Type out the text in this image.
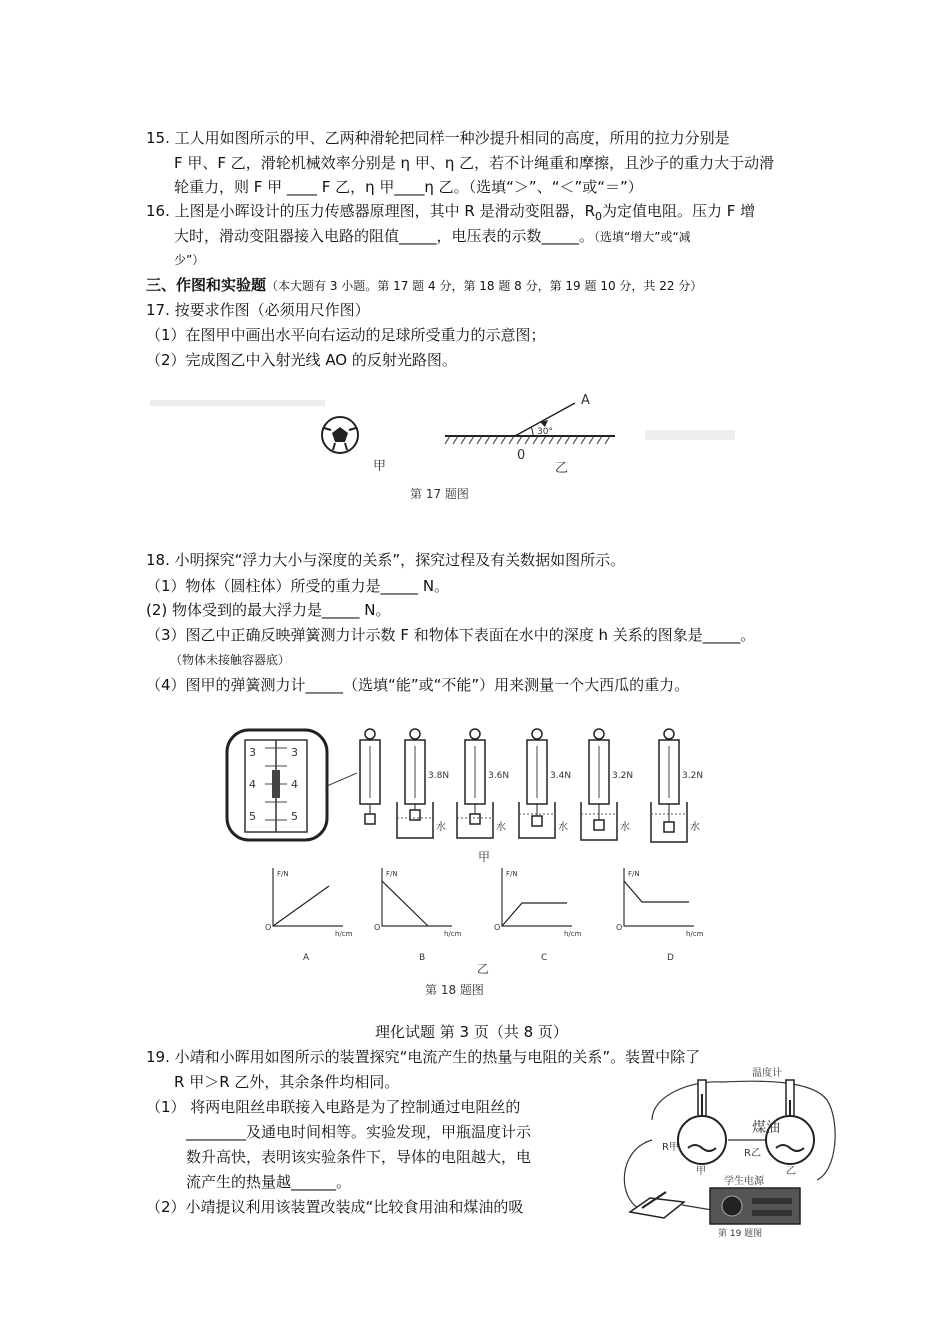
15. 工人用如图所示的甲、乙两种滑轮把同样一种沙提升相同的高度，所用的拉力分别是
F 甲、F 乙，滑轮机械效率分别是 η 甲、η 乙，若不计绳重和摩擦，且沙子的重力大于动滑
轮重力，则 F 甲 ____ F 乙，η 甲____η 乙。（选填“＞”、“＜”或“＝”）
16. 上图是小晖设计的压力传感器原理图，其中 R 是滑动变阻器，$R_0$为定值电阻。压力 F 增
大时，滑动变阻器接入电路的阻值_____，电压表的示数_____。（选填“增大”或“减
少”）
三、作图和实验题（本大题有 3 小题。第 17 题 4 分，第 18 题 8 分，第 19 题 10 分，共 22 分）
17. 按要求作图（必须用尺作图）
（1）在图甲中画出水平向右运动的足球所受重力的示意图；
（2）完成图乙中入射光线 AO 的反射光路图。
甲
30°
A
0
乙
第 17 题图
18. 小明探究“浮力大小与深度的关系”，探究过程及有关数据如图所示。
（1）物体（圆柱体）所受的重力是_____ N。
(2) 物体受到的最大浮力是_____ N。
（3）图乙中正确反映弹簧测力计示数 F 和物体下表面在水中的深度 h 关系的图象是_____。
（物体未接触容器底）
（4）图甲的弹簧测力计_____（选填“能”或“不能”）用来测量一个大西瓜的重力。
3
4
5
3
4
5
3.8N	3.6N	3.4N	3.2N	3.2N
水	水	水	水	水
甲
F/N
h/cm
O
A
F/N
h/cm
O
B
F/N
h/cm
O
C
F/N
h/cm
O
D
乙
第 18 题图
理化试题 第 3 页（共 8 页）
19. 小靖和小晖用如图所示的装置探究“电流产生的热量与电阻的关系”。装置中除了
R 甲＞R 乙外，其余条件均相同。
（1） 将两电阻丝串联接入电路是为了控制通过电阻丝的
________及通电时间相等。实验发现，甲瓶温度计示
数升高快，表明该实验条件下，导体的电阻越大，电
流产生的热量越______。
（2）小靖提议利用该装置改装成“比较食用油和煤油的吸
温度计
煤油
R甲
R乙
甲	乙
学生电源
第 19 题图
